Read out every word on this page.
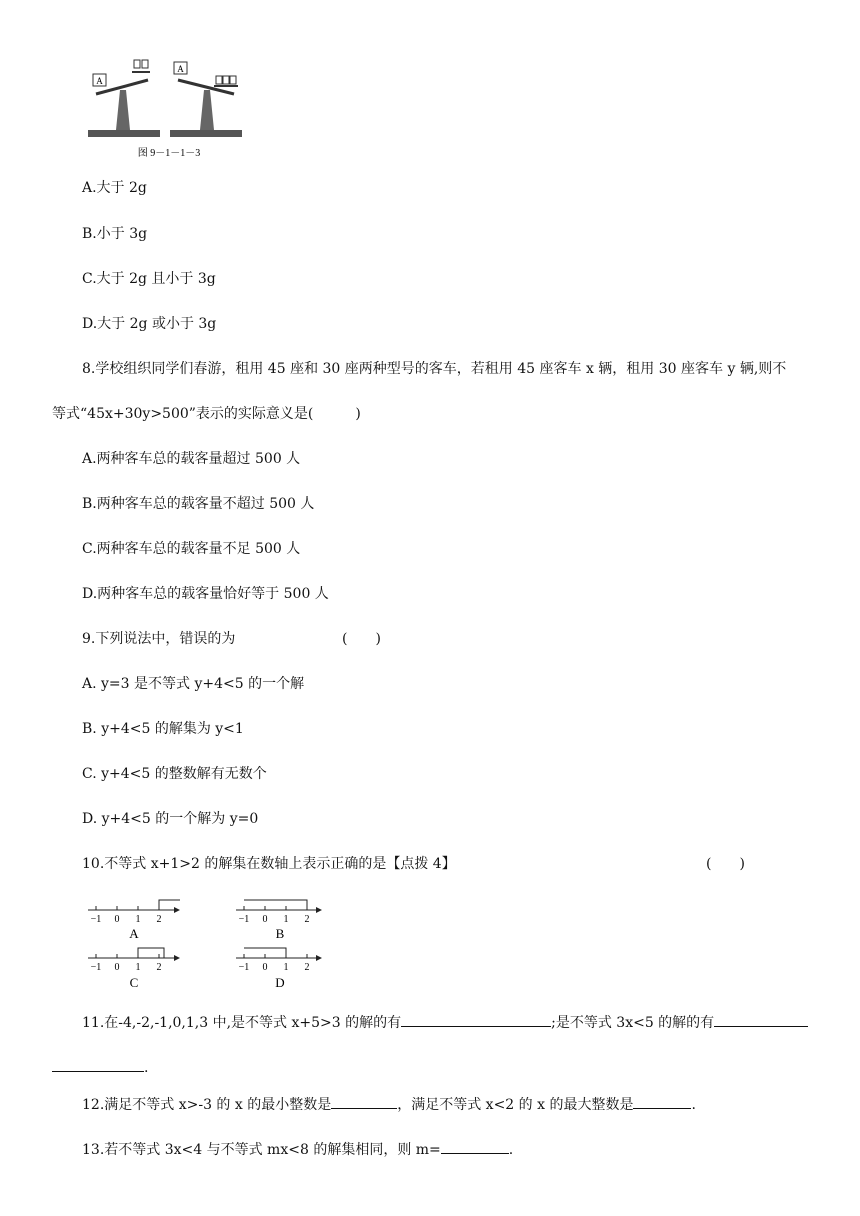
A
A
图 9－1－1－3
A.大于 2g
B.小于 3g
C.大于 2g 且小于 3g
D.大于 2g 或小于 3g
8.学校组织同学们春游，租用 45 座和 30 座两种型号的客车，若租用 45 座客车 x 辆，租用 30 座客车 y 辆,则不
等式“45x+30y>500”表示的实际意义是(　　　)
A.两种客车总的载客量超过 500 人
B.两种客车总的载客量不超过 500 人
C.两种客车总的载客量不足 500 人
D.两种客车总的载客量恰好等于 500 人
9.下列说法中，错误的为	(　　)
A. y=3 是不等式 y+4<5 的一个解
B. y+4<5 的解集为 y<1
C. y+4<5 的整数解有无数个
D. y+4<5 的一个解为 y=0
10.不等式 x+1>2 的解集在数轴上表示正确的是【点拨 4】	(　　)
−1 0 1 2
A
−1 0 1 2
B
−1 0 1 2
C
−1 0 1 2
D
11.在-4,-2,-1,0,1,3 中,是不等式 x+5>3 的解的有	;是不等式 3x<5 的解的有
.
12.满足不等式 x>-3 的 x 的最小整数是	，满足不等式 x<2 的 x 的最大整数是	.
13.若不等式 3x<4 与不等式 mx<8 的解集相同，则 m=	.
